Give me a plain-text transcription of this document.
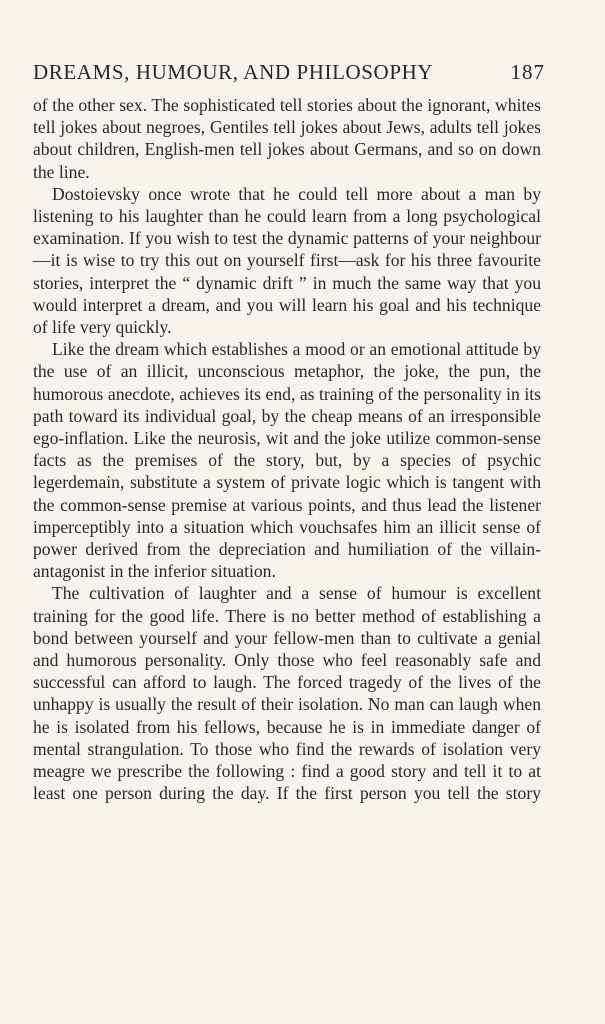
DREAMS, HUMOUR, AND PHILOSOPHY	187

of the other sex. The sophisticated tell stories about the ignorant, whites tell jokes about negroes, Gentiles tell jokes about Jews, adults tell jokes about children, English-men tell jokes about Germans, and so on down the line.

Dostoievsky once wrote that he could tell more about a man by listening to his laughter than he could learn from a long psychological examination. If you wish to test the dynamic patterns of your neighbour—it is wise to try this out on yourself first—ask for his three favourite stories, interpret the “ dynamic drift ” in much the same way that you would interpret a dream, and you will learn his goal and his technique of life very quickly.

Like the dream which establishes a mood or an emotional attitude by the use of an illicit, unconscious metaphor, the joke, the pun, the humorous anecdote, achieves its end, as training of the personality in its path toward its individual goal, by the cheap means of an irresponsible ego-inflation. Like the neurosis, wit and the joke utilize common-sense facts as the premises of the story, but, by a species of psychic legerdemain, substitute a system of private logic which is tangent with the common-sense premise at various points, and thus lead the listener imperceptibly into a situation which vouchsafes him an illicit sense of power derived from the depreciation and humiliation of the villain-antagonist in the inferior situation.

The cultivation of laughter and a sense of humour is excellent training for the good life. There is no better method of establishing a bond between yourself and your fellow-men than to cultivate a genial and humorous personality. Only those who feel reasonably safe and successful can afford to laugh. The forced tragedy of the lives of the unhappy is usually the result of their isolation. No man can laugh when he is isolated from his fellows, because he is in immediate danger of mental strangulation. To those who find the rewards of isolation very meagre we prescribe the following : find a good story and tell it to at least one person during the day. If the first person you tell the story
